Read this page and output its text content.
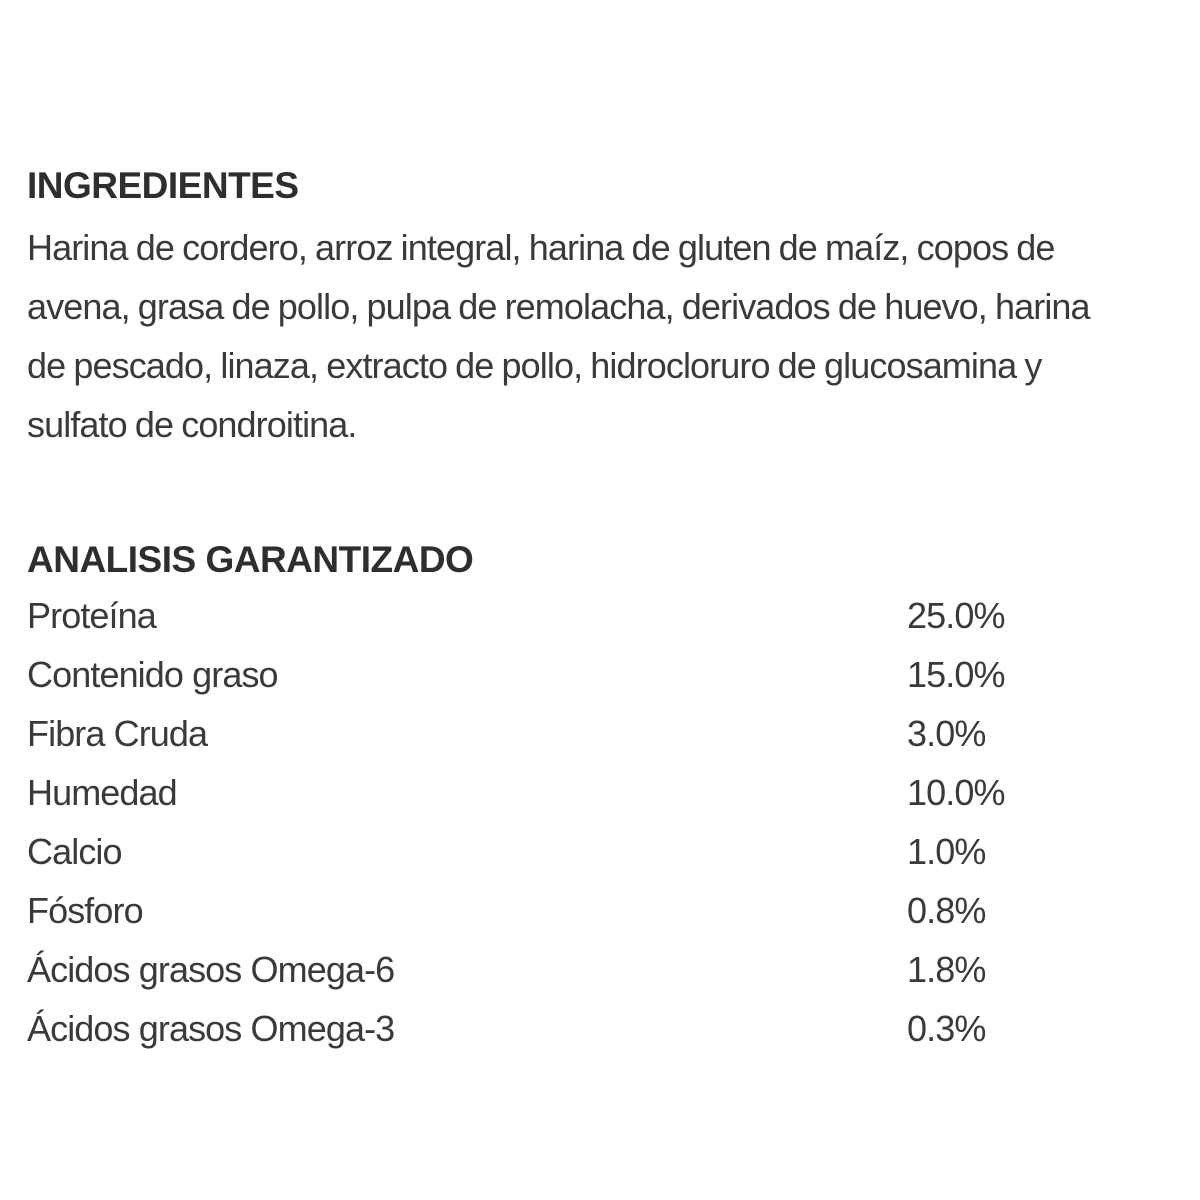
INGREDIENTES

Harina de cordero, arroz integral, harina de gluten de maíz, copos de
avena, grasa de pollo, pulpa de remolacha, derivados de huevo, harina
de pescado, linaza, extracto de pollo, hidrocloruro de glucosamina y
sulfato de condroitina.

ANALISIS GARANTIZADO
Proteína	25.0%
Contenido graso	15.0%
Fibra Cruda	3.0%
Humedad	10.0%
Calcio	1.0%
Fósforo	0.8%
Ácidos grasos Omega-6	1.8%
Ácidos grasos Omega-3	0.3%
